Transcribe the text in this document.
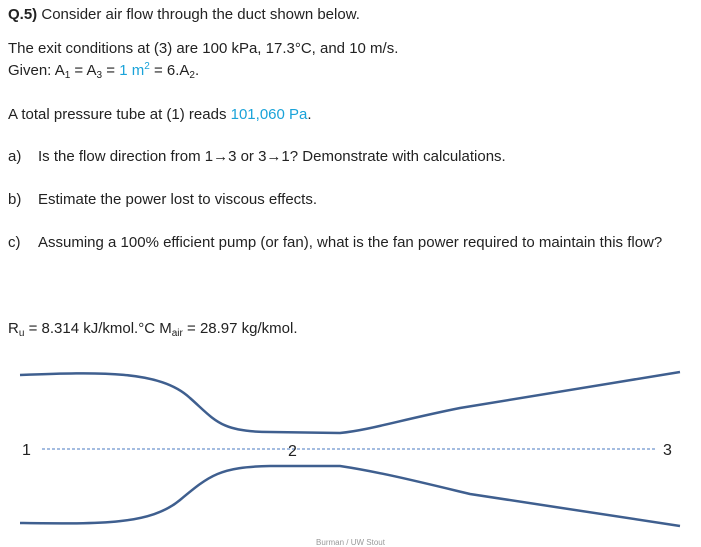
Q.5) Consider air flow through the duct shown below.
The exit conditions at (3) are 100 kPa, 17.3°C, and 10 m/s.
Given: $A_1 = A_3 = 1$ $m^2 = 6.A_2$.
A total pressure tube at (1) reads 101,060 Pa.
a) Is the flow direction from 1→3 or 3→1? Demonstrate with calculations.
b) Estimate the power lost to viscous effects.
c) Assuming a 100% efficient pump (or fan), what is the fan power required to maintain this flow?
$R_u = 8.314$ kJ/kmol.°C $M_{air} = 28.97$ kg/kmol.
1	2	3
Burman / UW Stout
